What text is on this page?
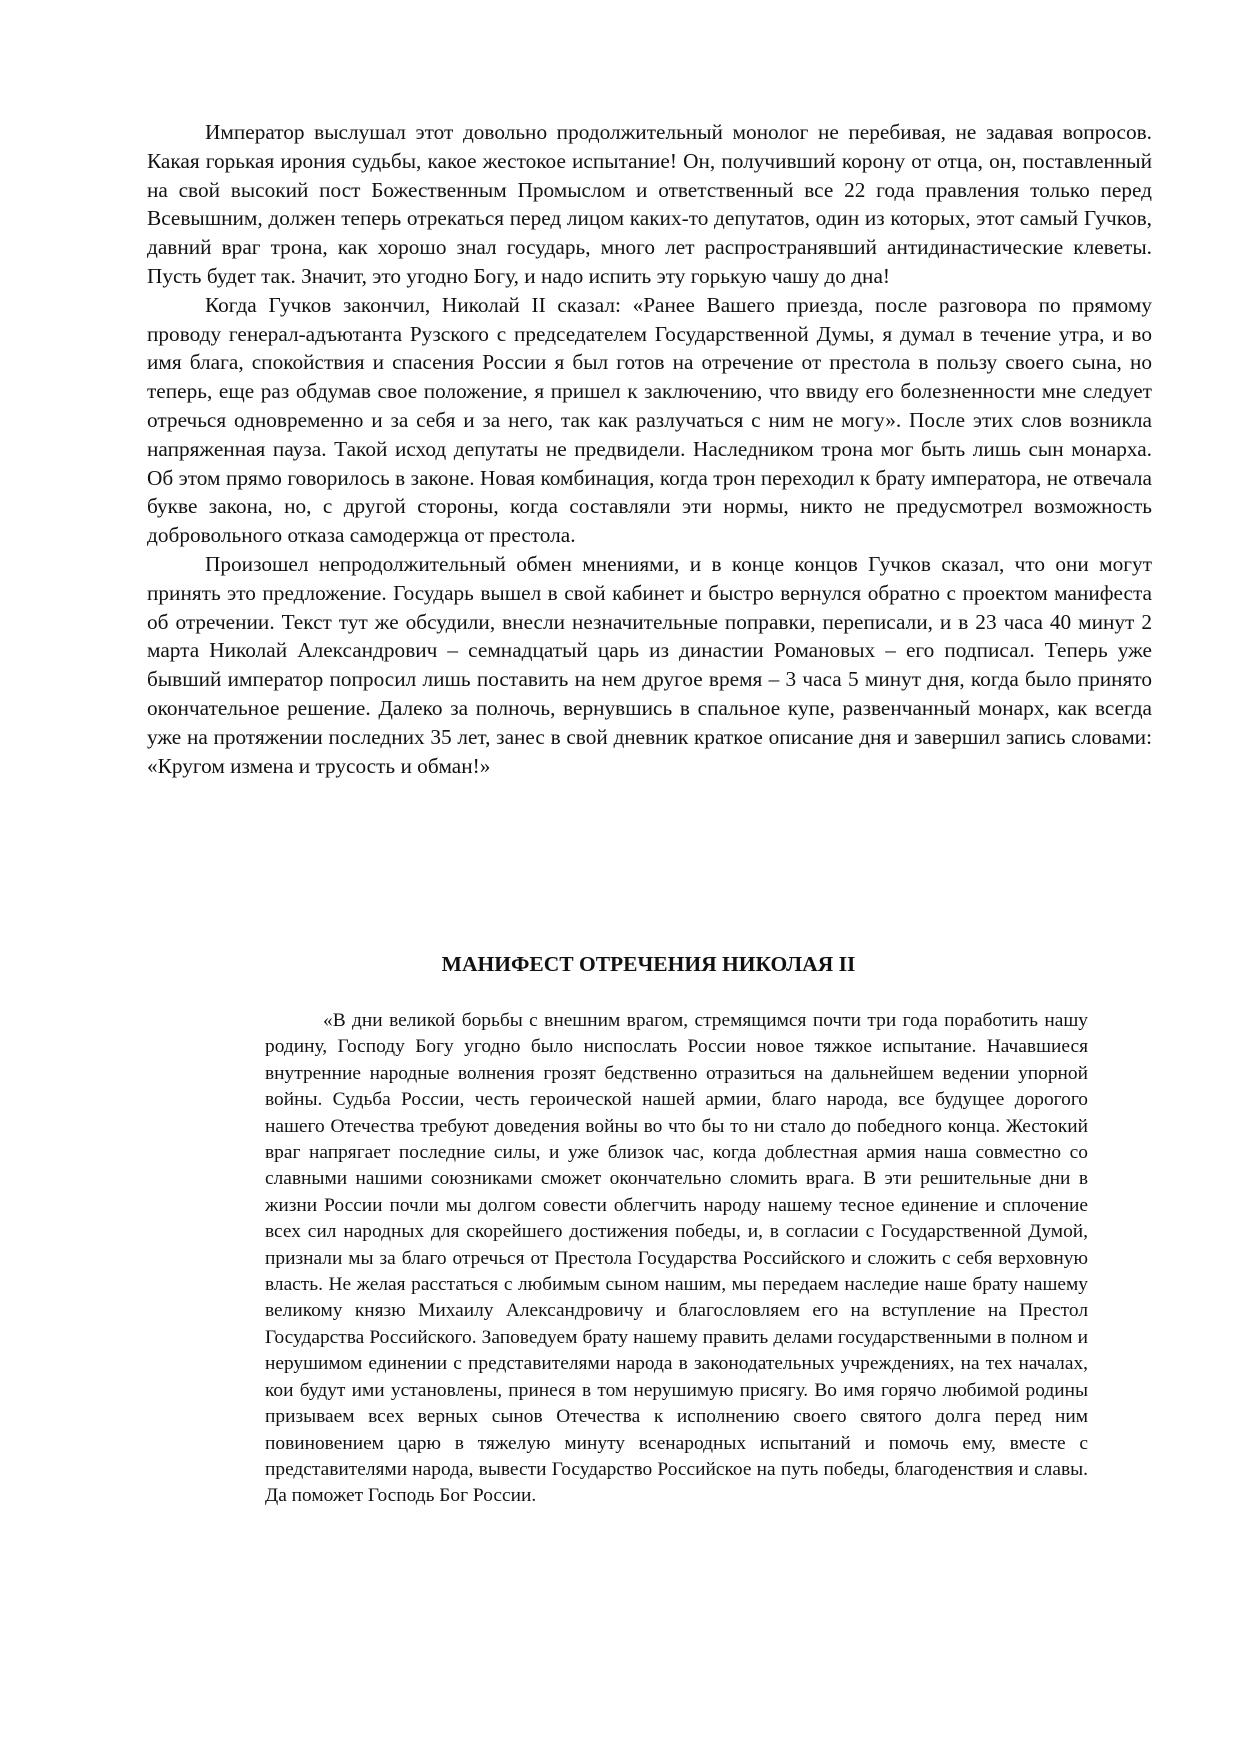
Император выслушал этот довольно продолжительный монолог не перебивая, не задавая вопросов. Какая горькая ирония судьбы, какое жестокое испытание! Он, получивший корону от отца, он, поставленный на свой высокий пост Божественным Промыслом и ответственный все 22 года правления только перед Всевышним, должен теперь отрекаться перед лицом каких-то депутатов, один из которых, этот самый Гучков, давний враг трона, как хорошо знал государь, много лет распространявший антидинастические клеветы. Пусть будет так. Значит, это угодно Богу, и надо испить эту горькую чашу до дна!

Когда Гучков закончил, Николай II сказал: «Ранее Вашего приезда, после разговора по прямому проводу генерал-адъютанта Рузского с председателем Государственной Думы, я думал в течение утра, и во имя блага, спокойствия и спасения России я был готов на отречение от престола в пользу своего сына, но теперь, еще раз обдумав свое положение, я пришел к заключению, что ввиду его болезненности мне следует отречься одновременно и за себя и за него, так как разлучаться с ним не могу». После этих слов возникла напряженная пауза. Такой исход депутаты не предвидели. Наследником трона мог быть лишь сын монарха. Об этом прямо говорилось в законе. Новая комбинация, когда трон переходил к брату императора, не отвечала букве закона, но, с другой стороны, когда составляли эти нормы, никто не предусмотрел возможность добровольного отказа самодержца от престола.

Произошел непродолжительный обмен мнениями, и в конце концов Гучков сказал, что они могут принять это предложение. Государь вышел в свой кабинет и быстро вернулся обратно с проектом манифеста об отречении. Текст тут же обсудили, внесли незначительные поправки, переписали, и в 23 часа 40 минут 2 марта Николай Александрович – семнадцатый царь из династии Романовых – его подписал. Теперь уже бывший император попросил лишь поставить на нем другое время – 3 часа 5 минут дня, когда было принято окончательное решение. Далеко за полночь, вернувшись в спальное купе, развенчанный монарх, как всегда уже на протяжении последних 35 лет, занес в свой дневник краткое описание дня и завершил запись словами: «Кругом измена и трусость и обман!»

МАНИФЕСТ ОТРЕЧЕНИЯ НИКОЛАЯ II

«В дни великой борьбы с внешним врагом, стремящимся почти три года поработить нашу родину, Господу Богу угодно было ниспослать России новое тяжкое испытание. Начавшиеся внутренние народные волнения грозят бедственно отразиться на дальнейшем ведении упорной войны. Судьба России, честь героической нашей армии, благо народа, все будущее дорогого нашего Отечества требуют доведения войны во что бы то ни стало до победного конца. Жестокий враг напрягает последние силы, и уже близок час, когда доблестная армия наша совместно со славными нашими союзниками сможет окончательно сломить врага. В эти решительные дни в жизни России почли мы долгом совести облегчить народу нашему тесное единение и сплочение всех сил народных для скорейшего достижения победы, и, в согласии с Государственной Думой, признали мы за благо отречься от Престола Государства Российского и сложить с себя верховную власть. Не желая расстаться с любимым сыном нашим, мы передаем наследие наше брату нашему великому князю Михаилу Александровичу и благословляем его на вступление на Престол Государства Российского. Заповедуем брату нашему править делами государственными в полном и нерушимом единении с представителями народа в законодательных учреждениях, на тех началах, кои будут ими установлены, принеся в том нерушимую присягу. Во имя горячо любимой родины призываем всех верных сынов Отечества к исполнению своего святого долга перед ним повиновением царю в тяжелую минуту всенародных испытаний и помочь ему, вместе с представителями народа, вывести Государство Российское на путь победы, благоденствия и славы. Да поможет Господь Бог России.
